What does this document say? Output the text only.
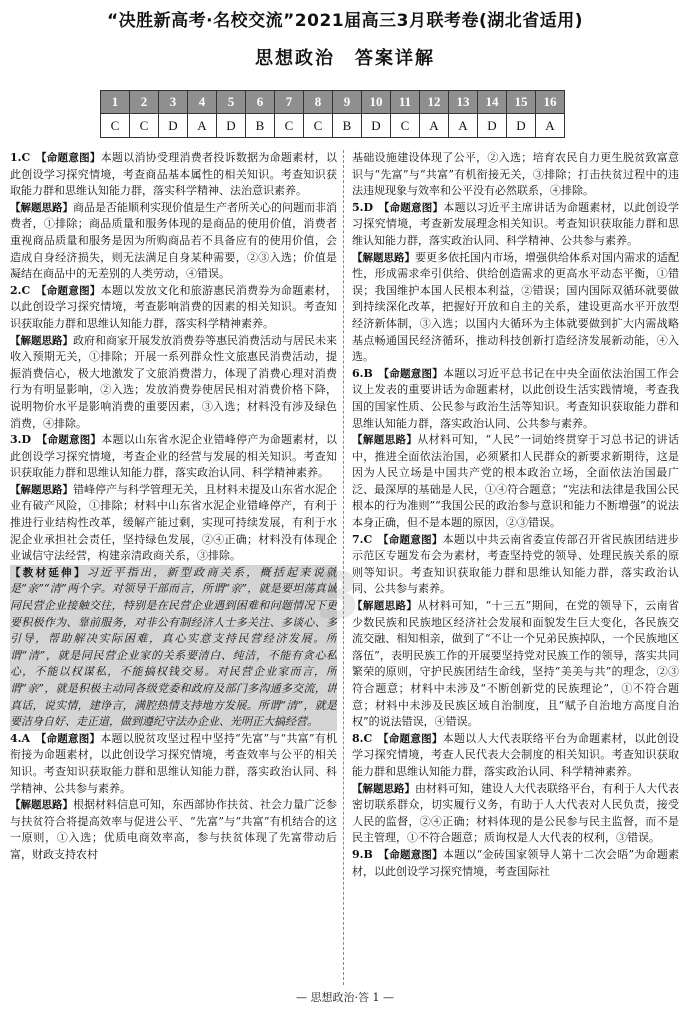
“决胜新高考·名校交流”2021届高三3月联考卷(湖北省适用)
思想政治　答案详解
1	2	3	4	5	6	7	8	9	10	11	12	13	14	15	16
C	C	D	A	D	B	C	C	B	D	C	A	A	D	D	A

1.C  【命题意图】本题以消协受理消费者投诉数据为命题素材，以此创设学习探究情境，考查商品基本属性的相关知识。考查知识获取能力群和思维认知能力群，落实科学精神、法治意识素养。

【解题思路】商品是否能顺利实现价值是生产者所关心的问题而非消费者，①排除；商品质量和服务体现的是商品的使用价值，消费者重视商品质量和服务是因为所购商品若不具备应有的使用价值，会造成自身经济损失，则无法满足自身某种需要，②③入选；价值是凝结在商品中的无差别的人类劳动，④错误。

2.C  【命题意图】本题以发放文化和旅游惠民消费券为命题素材，以此创设学习探究情境，考查影响消费的因素的相关知识。考查知识获取能力群和思维认知能力群，落实科学精神素养。

【解题思路】政府和商家开展发放消费券等惠民消费活动与居民未来收入预期无关，①排除；开展一系列群众性文旅惠民消费活动，提振消费信心，极大地激发了文旅消费潜力，体现了消费心理对消费行为有明显影响，②入选；发放消费券使居民相对消费价格下降，说明物价水平是影响消费的重要因素，③入选；材料没有涉及绿色消费，④排除。

3.D  【命题意图】本题以山东省水泥企业错峰停产为命题素材，以此创设学习探究情境，考查企业的经营与发展的相关知识。考查知识获取能力群和思维认知能力群，落实政治认同、科学精神素养。

【解题思路】错峰停产与科学管理无关，且材料未提及山东省水泥企业有破产风险，①排除；材料中山东省水泥企业错峰停产，有利于推进行业结构性改革，缓解产能过剩，实现可持续发展，有利于水泥企业承担社会责任，坚持绿色发展，②④正确；材料没有体现企业诚信守法经营，构建亲清政商关系，③排除。

【教材延伸】习近平指出，新型政商关系，概括起来说就是“亲”“清”两个字。对领导干部而言，所谓“亲”，就是要坦荡真诚同民营企业接触交往，特别是在民营企业遇到困难和问题情况下更要积极作为、靠前服务，对非公有制经济人士多关注、多谈心、多引导，帮助解决实际困难，真心实意支持民营经济发展。所谓“清”，就是同民营企业家的关系要清白、纯洁，不能有贪心私心，不能以权谋私，不能搞权钱交易。对民营企业家而言，所谓“亲”，就是积极主动同各级党委和政府及部门多沟通多交流，讲真话，说实情，建诤言，满腔热情支持地方发展。所谓“清”，就是要洁身自好、走正道，做到遵纪守法办企业、光明正大搞经营。

4.A  【命题意图】本题以脱贫攻坚过程中坚持“先富”与“共富”有机衔接为命题素材，以此创设学习探究情境，考查效率与公平的相关知识。考查知识获取能力群和思维认知能力群，落实政治认同、科学精神、公共参与素养。

【解题思路】根据材料信息可知，东西部协作扶贫、社会力量广泛参与扶贫符合将提高效率与促进公平、“先富”与“共富”有机结合的这一原则，①入选；优质电商效率高，参与扶贫体现了先富带动后富，财政支持农村

基础设施建设体现了公平，②入选；培育农民自力更生脱贫致富意识与“先富”与“共富”有机衔接无关，③排除；打击扶贫过程中的违法违规现象与效率和公平没有必然联系，④排除。

5.D  【命题意图】本题以习近平主席讲话为命题素材，以此创设学习探究情境，考查新发展理念相关知识。考查知识获取能力群和思维认知能力群，落实政治认同、科学精神、公共参与素养。

【解题思路】要更多依托国内市场，增强供给体系对国内需求的适配性，形成需求牵引供给、供给创造需求的更高水平动态平衡，①错误；我国维护本国人民根本利益，②错误；国内国际双循环就要做到持续深化改革，把握好开放和自主的关系，建设更高水平开放型经济新体制，③入选；以国内大循环为主体就要做到扩大内需战略基点畅通国民经济循环，推动科技创新打造经济发展新动能，④入选。

6.B  【命题意图】本题以习近平总书记在中央全面依法治国工作会议上发表的重要讲话为命题素材，以此创设生活实践情境，考查我国的国家性质、公民参与政治生活等知识。考查知识获取能力群和思维认知能力群，落实政治认同、公共参与素养。

【解题思路】从材料可知，“人民”一词始终贯穿于习总书记的讲话中，推进全面依法治国，必须紧扣人民群众的新要求新期待，这是因为人民立场是中国共产党的根本政治立场，全面依法治国最广泛、最深厚的基础是人民，①④符合题意；“宪法和法律是我国公民根本的行为准则”“我国公民的政治参与意识和能力不断增强”的说法本身正确，但不是本题的原因，②③错误。

7.C  【命题意图】本题以中共云南省委宣传部召开省民族团结进步示范区专题发布会为素材，考查坚持党的领导、处理民族关系的原则等知识。考查知识获取能力群和思维认知能力群，落实政治认同、公共参与素养。

【解题思路】从材料可知，“十三五”期间，在党的领导下，云南省少数民族和民族地区经济社会发展和面貌发生巨大变化，各民族交流交融、相知相亲，做到了“不让一个兄弟民族掉队，一个民族地区落伍”，表明民族工作的开展要坚持党对民族工作的领导，落实共同繁荣的原则，守护民族团结生命线，坚持“美美与共”的理念，②③符合题意；材料中未涉及“不断创新党的民族理论”，①不符合题意；材料中未涉及民族区域自治制度，且“赋予自治地方高度自治权”的说法错误，④错误。

8.C  【命题意图】本题以人大代表联络平台为命题素材，以此创设学习探究情境，考查人民代表大会制度的相关知识。考查知识获取能力群和思维认知能力群，落实政治认同、科学精神素养。

【解题思路】由材料可知，建设人大代表联络平台，有利于人大代表密切联系群众，切实履行义务，有助于人大代表对人民负责，接受人民的监督，②④正确；材料体现的是公民参与民主监督，而不是民主管理，①不符合题意；质询权是人大代表的权利，③错误。

9.B  【命题意图】本题以“金砖国家领导人第十二次会晤”为命题素材，以此创设学习探究情境，考查国际社

3
— 思想政治·答 1 —
